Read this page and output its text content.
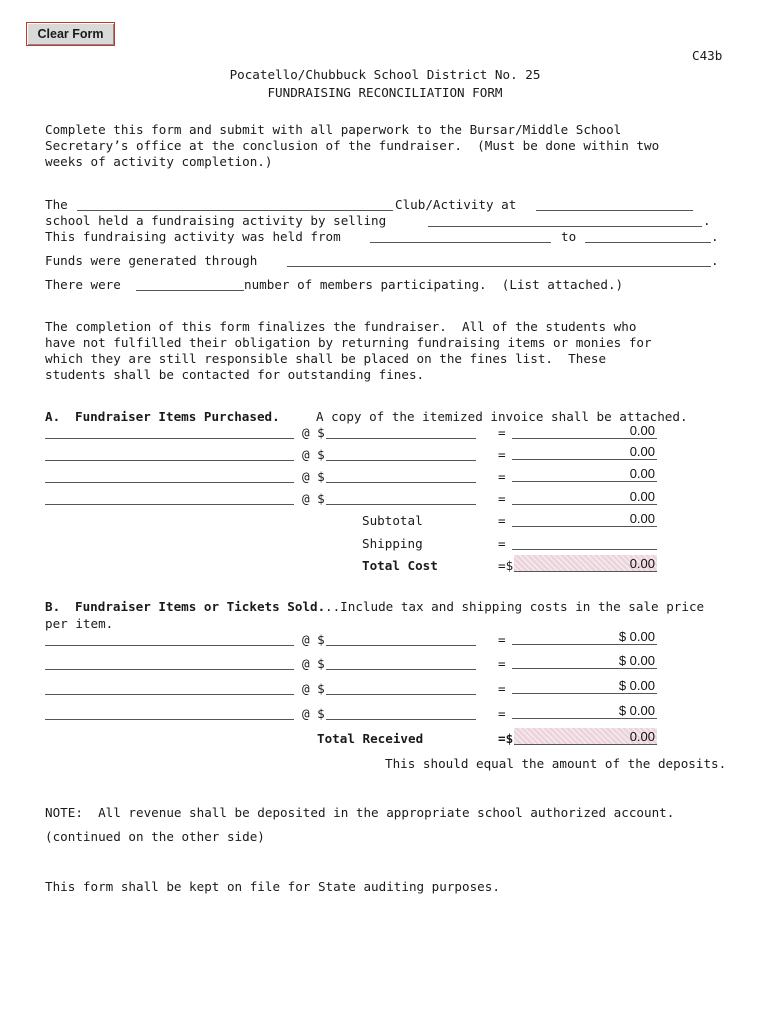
Clear Form
C43b
Pocatello/Chubbuck School District No. 25
FUNDRAISING RECONCILIATION FORM
Complete this form and submit with all paperwork to the Bursar/Middle School
Secretary’s office at the conclusion of the fundraiser.  (Must be done within two
weeks of activity completion.)
The	Club/Activity at
school held a fundraising activity by selling	.
This fundraising activity was held from	to	.
Funds were generated through	.
There were	number of members participating.  (List attached.)
The completion of this form finalizes the fundraiser.  All of the students who
have not fulfilled their obligation by returning fundraising items or monies for
which they are still responsible shall be placed on the fines list.  These
students shall be contacted for outstanding fines.
A. Fundraiser Items Purchased.	A copy of the itemized invoice shall be attached.
@ $	=	0.00
@ $	=	0.00
@ $	=	0.00
@ $	=	0.00
Subtotal	=	0.00
Shipping	=
Total Cost	=$	0.00
B. Fundraiser Items or Tickets Sold. ..Include tax and shipping costs in the sale price
per item.
@ $	=	$ 0.00
@ $	=	$ 0.00
@ $	=	$ 0.00
@ $	=	$ 0.00
Total Received	=$	0.00
This should equal the amount of the deposits.
NOTE:  All revenue shall be deposited in the appropriate school authorized account.
(continued on the other side)
This form shall be kept on file for State auditing purposes.
